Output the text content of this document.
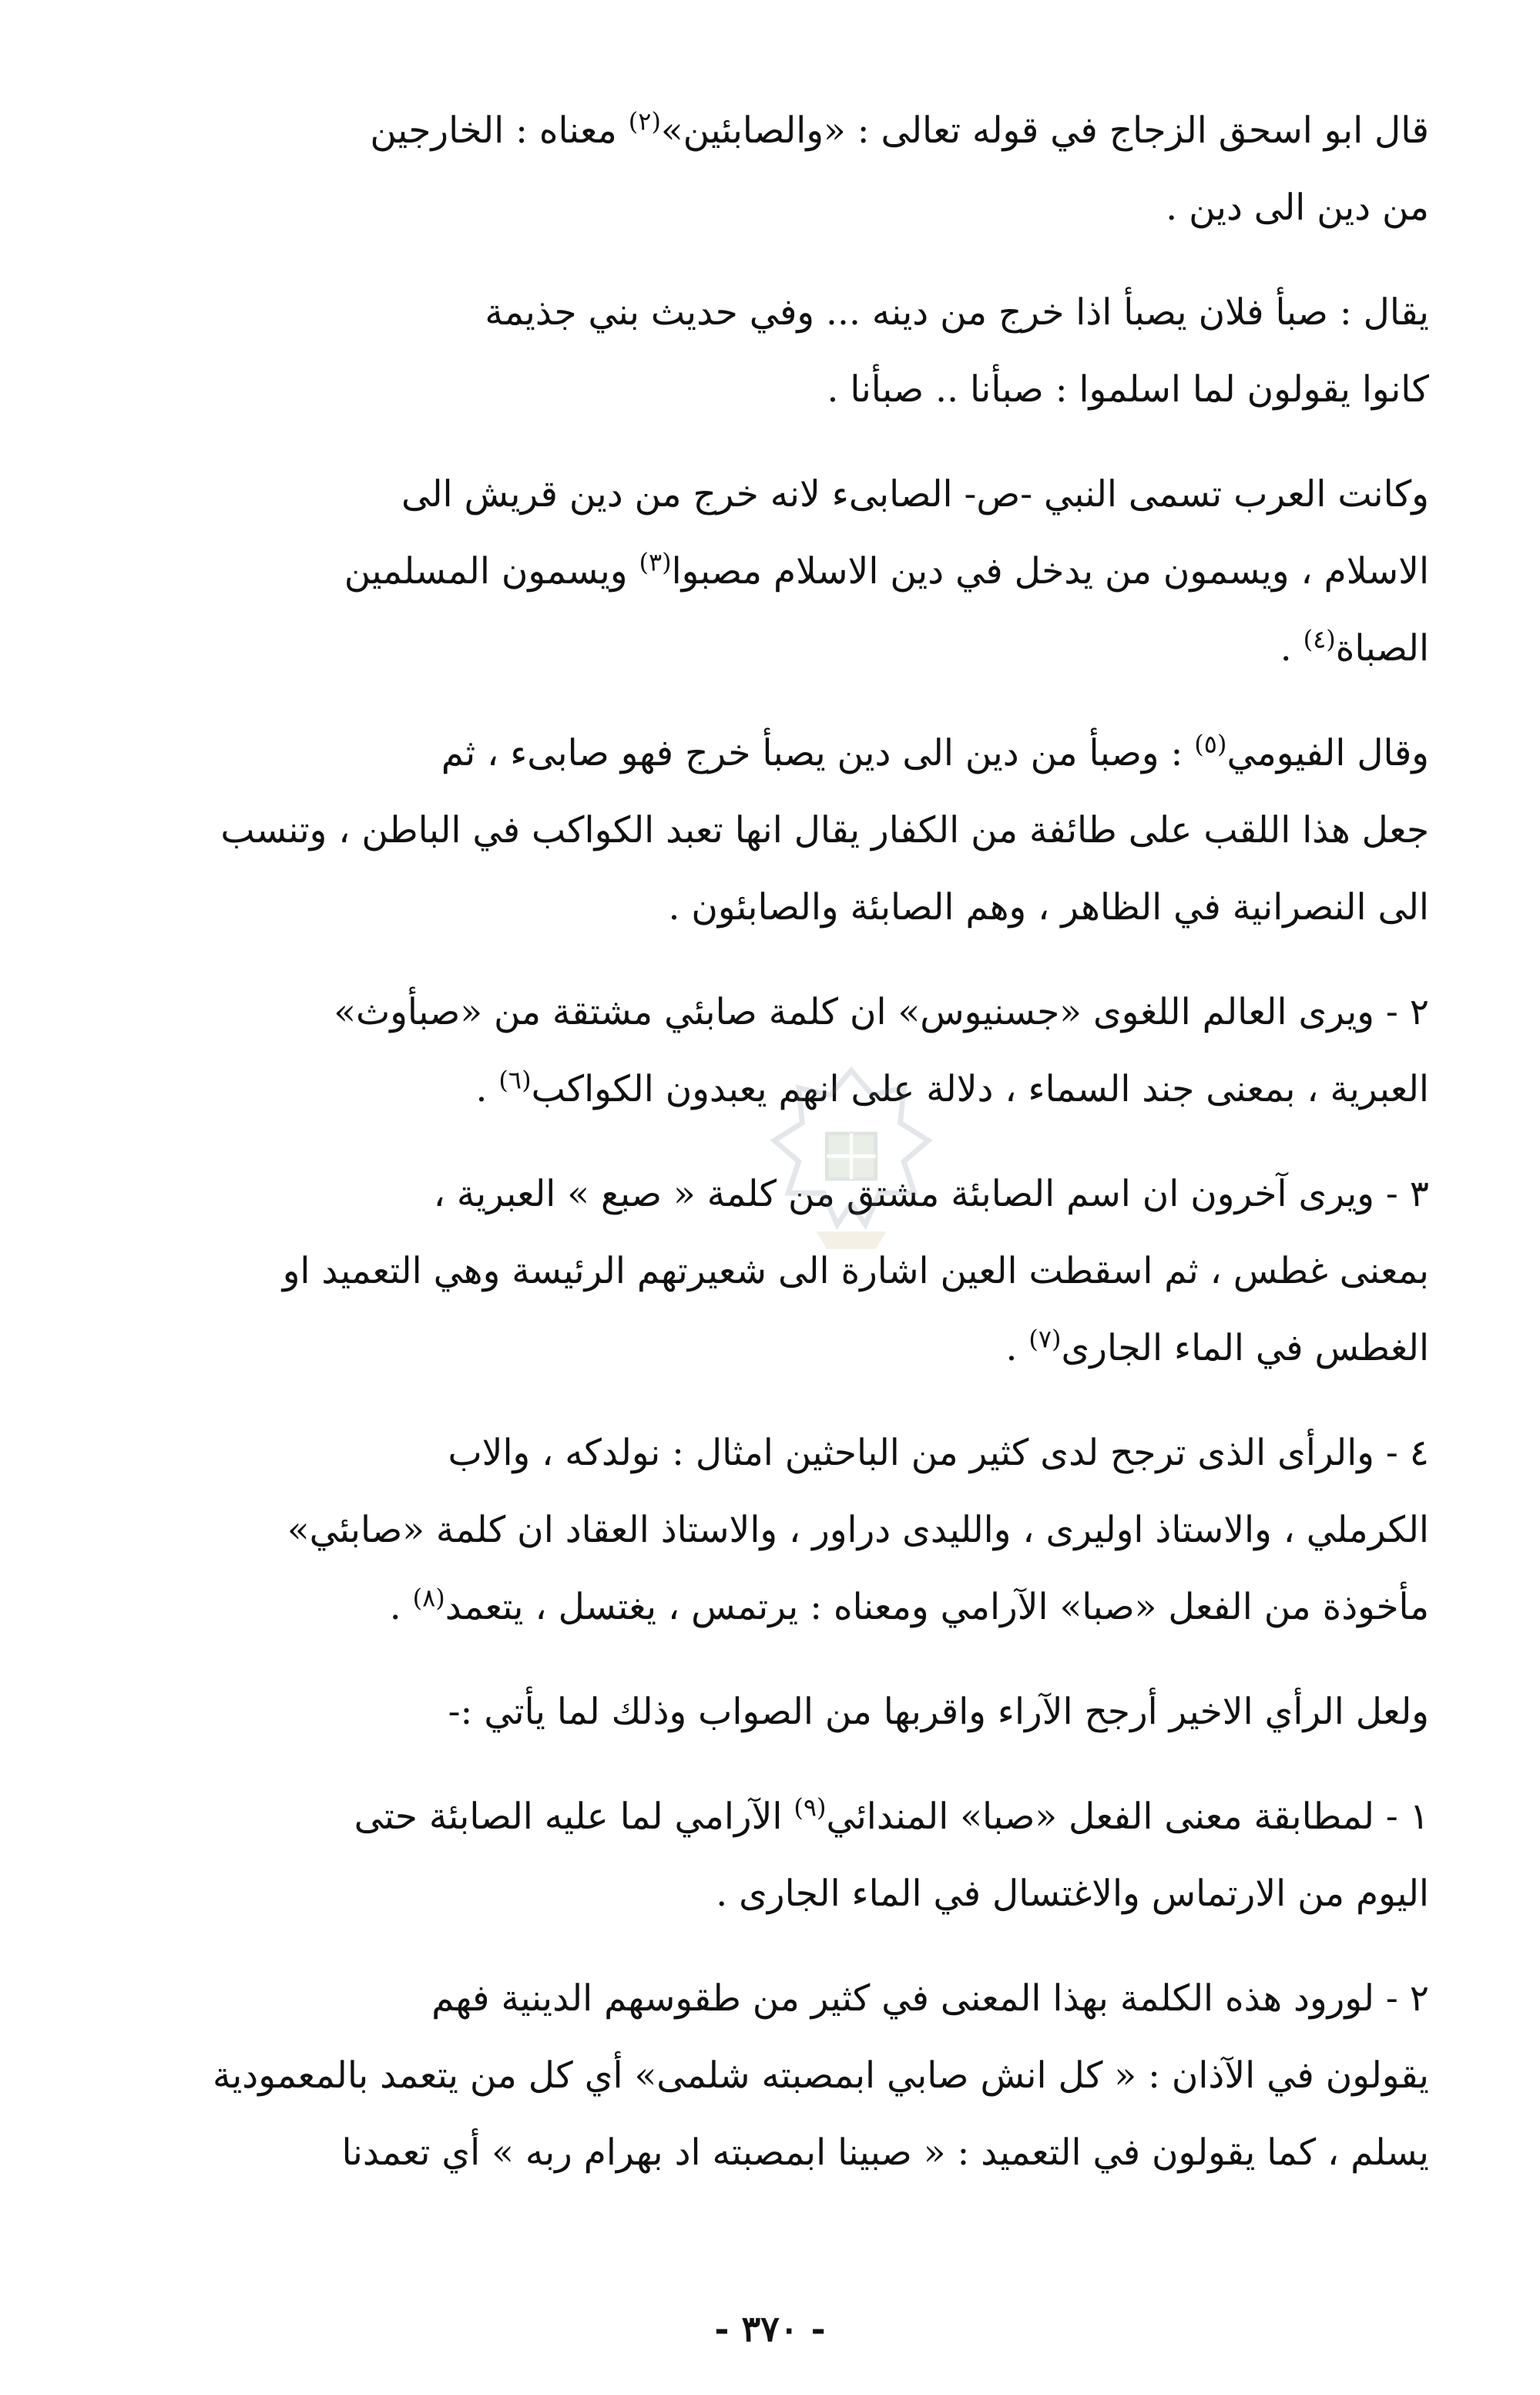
قال ابو اسحق الزجاج في قوله تعالى : «والصابئين»$^{(٢)}$ معناه : الخارجين
من دين الى دين .

يقال : صبأ فلان يصبأ اذا خرج من دينه ... وفي حديث بني جذيمة
كانوا يقولون لما اسلموا : صبأنا .. صبأنا .

وكانت العرب تسمى النبي -ص- الصابىء لانه خرج من دين قريش الى
الاسلام ، ويسمون من يدخل في دين الاسلام مصبوا$^{(٣)}$ ويسمون المسلمين
الصباة$^{(٤)}$ .

وقال الفيومي$^{(٥)}$ : وصبأ من دين الى دين يصبأ خرج فهو صابىء ، ثم
جعل هذا اللقب على طائفة من الكفار يقال انها تعبد الكواكب في الباطن ، وتنسب
الى النصرانية في الظاهر ، وهم الصابئة والصابئون .

٢ - ويرى العالم اللغوى «جسنيوس» ان كلمة صابئي مشتقة من «صبأوث»
العبرية ، بمعنى جند السماء ، دلالة على انهم يعبدون الكواكب$^{(٦)}$ .

٣ - ويرى آخرون ان اسم الصابئة مشتق من كلمة « صبع » العبرية ،
بمعنى غطس ، ثم اسقطت العين اشارة الى شعيرتهم الرئيسة وهي التعميد او
الغطس في الماء الجارى$^{(٧)}$ .

٤ - والرأى الذى ترجح لدى كثير من الباحثين امثال : نولدكه ، والاب
الكرملي ، والاستاذ اوليرى ، والليدى دراور ، والاستاذ العقاد ان كلمة «صابئي»
مأخوذة من الفعل «صبا» الآرامي ومعناه : يرتمس ، يغتسل ، يتعمد$^{(٨)}$ .

ولعل الرأي الاخير أرجح الآراء واقربها من الصواب وذلك لما يأتي :-

١ - لمطابقة معنى الفعل «صبا» المندائي$^{(٩)}$ الآرامي لما عليه الصابئة حتى
اليوم من الارتماس والاغتسال في الماء الجارى .

٢ - لورود هذه الكلمة بهذا المعنى في كثير من طقوسهم الدينية فهم
يقولون في الآذان : « كل انش صابي ابمصبته شلمى» أي كل من يتعمد بالمعمودية
يسلم ، كما يقولون في التعميد : « صبينا ابمصبته اد بهرام ربه » أي تعمدنا

- ٣٧٠ -
